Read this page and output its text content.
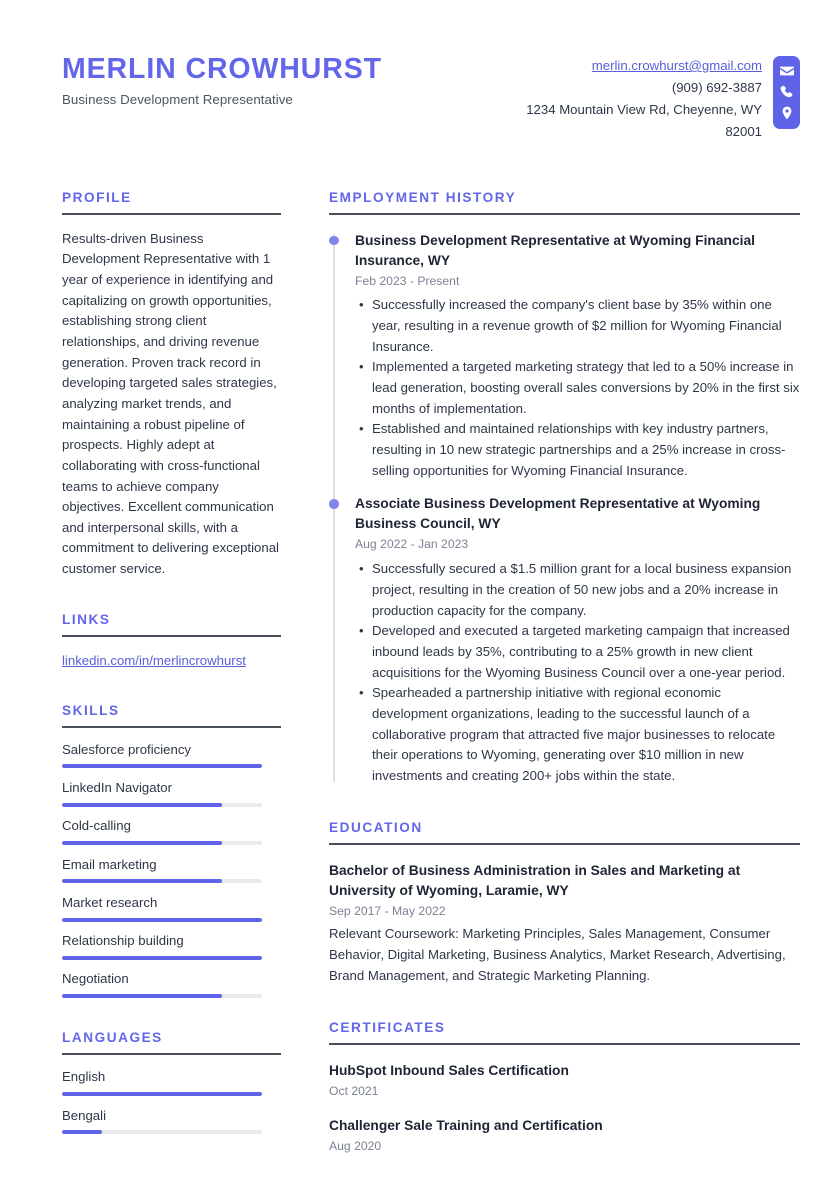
MERLIN CROWHURST
Business Development Representative
merlin.crowhurst@gmail.com
(909) 692-3887
1234 Mountain View Rd, Cheyenne, WY 82001
PROFILE
Results-driven Business Development Representative with 1 year of experience in identifying and capitalizing on growth opportunities, establishing strong client relationships, and driving revenue generation. Proven track record in developing targeted sales strategies, analyzing market trends, and maintaining a robust pipeline of prospects. Highly adept at collaborating with cross-functional teams to achieve company objectives. Excellent communication and interpersonal skills, with a commitment to delivering exceptional customer service.
LINKS
linkedin.com/in/merlincrowhurst
SKILLS
Salesforce proficiency
LinkedIn Navigator
Cold-calling
Email marketing
Market research
Relationship building
Negotiation
LANGUAGES
English
Bengali
EMPLOYMENT HISTORY
Business Development Representative at Wyoming Financial Insurance, WY
Feb 2023 - Present
• Successfully increased the company's client base by 35% within one year, resulting in a revenue growth of $2 million for Wyoming Financial Insurance.
• Implemented a targeted marketing strategy that led to a 50% increase in lead generation, boosting overall sales conversions by 20% in the first six months of implementation.
• Established and maintained relationships with key industry partners, resulting in 10 new strategic partnerships and a 25% increase in cross-selling opportunities for Wyoming Financial Insurance.
Associate Business Development Representative at Wyoming Business Council, WY
Aug 2022 - Jan 2023
• Successfully secured a $1.5 million grant for a local business expansion project, resulting in the creation of 50 new jobs and a 20% increase in production capacity for the company.
• Developed and executed a targeted marketing campaign that increased inbound leads by 35%, contributing to a 25% growth in new client acquisitions for the Wyoming Business Council over a one-year period.
• Spearheaded a partnership initiative with regional economic development organizations, leading to the successful launch of a collaborative program that attracted five major businesses to relocate their operations to Wyoming, generating over $10 million in new investments and creating 200+ jobs within the state.
EDUCATION
Bachelor of Business Administration in Sales and Marketing at University of Wyoming, Laramie, WY
Sep 2017 - May 2022
Relevant Coursework: Marketing Principles, Sales Management, Consumer Behavior, Digital Marketing, Business Analytics, Market Research, Advertising, Brand Management, and Strategic Marketing Planning.
CERTIFICATES
HubSpot Inbound Sales Certification
Oct 2021
Challenger Sale Training and Certification
Aug 2020
